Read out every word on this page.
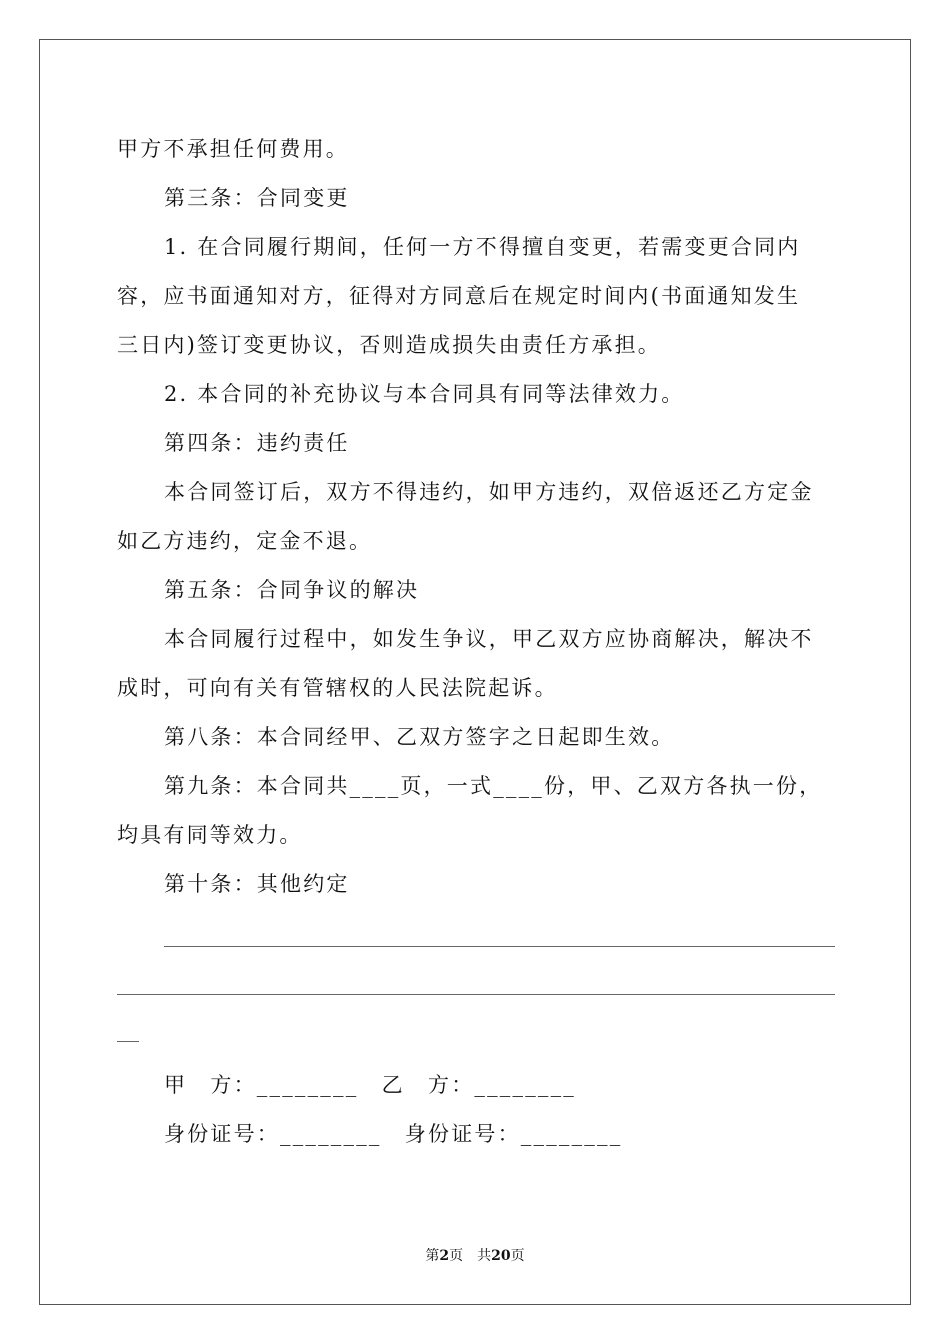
甲方不承担任何费用。
第三条：合同变更
1. 在合同履行期间，任何一方不得擅自变更，若需变更合同内
容，应书面通知对方，征得对方同意后在规定时间内(书面通知发生
三日内)签订变更协议，否则造成损失由责任方承担。
2. 本合同的补充协议与本合同具有同等法律效力。
第四条：违约责任
本合同签订后，双方不得违约，如甲方违约，双倍返还乙方定金
如乙方违约，定金不退。
第五条：合同争议的解决
本合同履行过程中，如发生争议，甲乙双方应协商解决，解决不
成时，可向有关有管辖权的人民法院起诉。
第八条：本合同经甲、乙双方签字之日起即生效。
第九条：本合同共____页，一式____份，甲、乙双方各执一份，
均具有同等效力。
第十条：其他约定
甲　方：________　乙　方：________
身份证号：________　身份证号：________
第2页　共20页
